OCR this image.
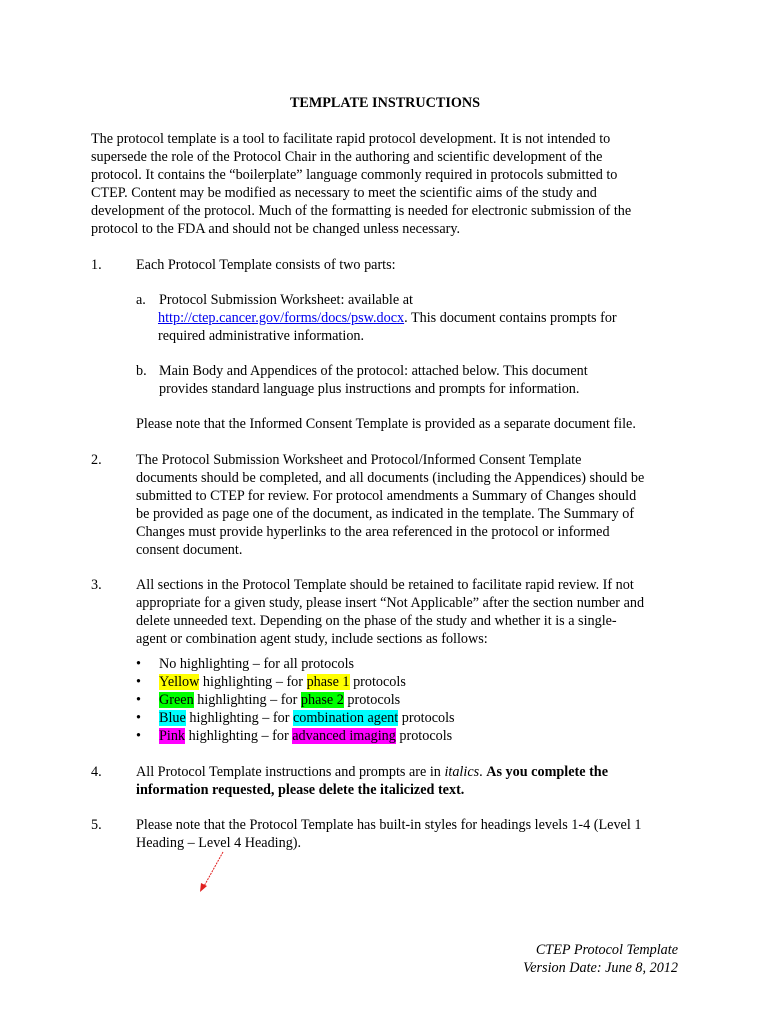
TEMPLATE INSTRUCTIONS
The protocol template is a tool to facilitate rapid protocol development. It is not intended to
supersede the role of the Protocol Chair in the authoring and scientific development of the
protocol. It contains the “boilerplate” language commonly required in protocols submitted to
CTEP. Content may be modified as necessary to meet the scientific aims of the study and
development of the protocol. Much of the formatting is needed for electronic submission of the
protocol to the FDA and should not be changed unless necessary.
1.	Each Protocol Template consists of two parts:
a. Protocol Submission Worksheet: available at
http://ctep.cancer.gov/forms/docs/psw.docx. This document contains prompts for
required administrative information.
b. Main Body and Appendices of the protocol: attached below. This document
provides standard language plus instructions and prompts for information.
Please note that the Informed Consent Template is provided as a separate document file.
2.	The Protocol Submission Worksheet and Protocol/Informed Consent Template
documents should be completed, and all documents (including the Appendices) should be
submitted to CTEP for review. For protocol amendments a Summary of Changes should
be provided as page one of the document, as indicated in the template. The Summary of
Changes must provide hyperlinks to the area referenced in the protocol or informed
consent document.
3.	All sections in the Protocol Template should be retained to facilitate rapid review. If not
appropriate for a given study, please insert “Not Applicable” after the section number and
delete unneeded text. Depending on the phase of the study and whether it is a single-
agent or combination agent study, include sections as follows:
• No highlighting – for all protocols
• Yellow highlighting – for phase 1 protocols
• Green highlighting – for phase 2 protocols
• Blue highlighting – for combination agent protocols
• Pink highlighting – for advanced imaging protocols
4.	All Protocol Template instructions and prompts are in italics. As you complete the
information requested, please delete the italicized text.
5.	Please note that the Protocol Template has built-in styles for headings levels 1-4 (Level 1
Heading – Level 4 Heading).
CTEP Protocol Template
Version Date: June 8, 2012
